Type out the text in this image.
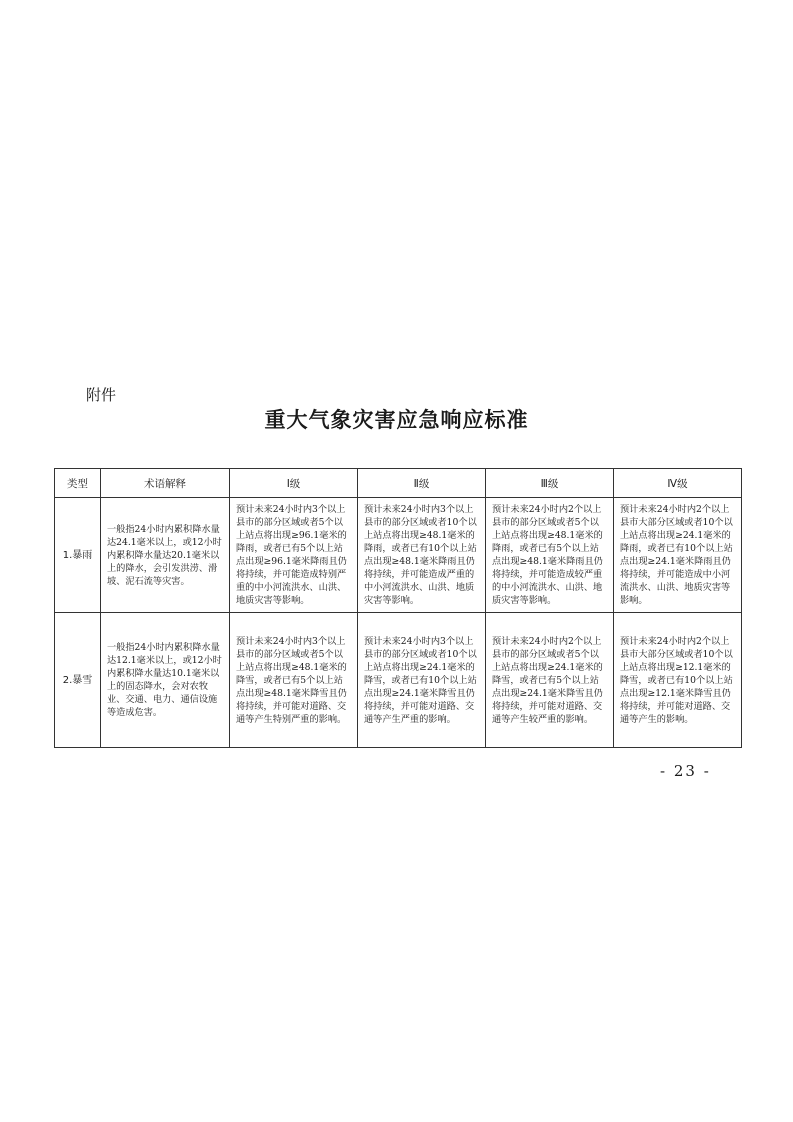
附件
重大气象灾害应急响应标准
类型	术语解释	Ⅰ级	Ⅱ级	Ⅲ级	Ⅳ级
1.暴雨	一般指24小时内累积降水量达24.1毫米以上，或12小时内累积降水量达20.1毫米以上的降水，会引发洪涝、滑坡、泥石流等灾害。	预计未来24小时内3个以上县市的部分区域或者5个以上站点将出现≥96.1毫米的降雨，或者已有5个以上站点出现≥96.1毫米降雨且仍将持续，并可能造成特别严重的中小河流洪水、山洪、地质灾害等影响。	预计未来24小时内3个以上县市的部分区域或者10个以上站点将出现≥48.1毫米的降雨，或者已有10个以上站点出现≥48.1毫米降雨且仍将持续，并可能造成严重的中小河流洪水、山洪、地质灾害等影响。	预计未来24小时内2个以上县市的部分区域或者5个以上站点将出现≥48.1毫米的降雨，或者已有5个以上站点出现≥48.1毫米降雨且仍将持续，并可能造成较严重的中小河流洪水、山洪、地质灾害等影响。	预计未来24小时内2个以上县市大部分区域或者10个以上站点将出现≥24.1毫米的降雨，或者已有10个以上站点出现≥24.1毫米降雨且仍将持续，并可能造成中小河流洪水、山洪、地质灾害等影响。
2.暴雪	一般指24小时内累积降水量达12.1毫米以上，或12小时内累积降水量达10.1毫米以上的固态降水，会对农牧业、交通、电力、通信设施等造成危害。	预计未来24小时内3个以上县市的部分区域或者5个以上站点将出现≥48.1毫米的降雪，或者已有5个以上站点出现≥48.1毫米降雪且仍将持续，并可能对道路、交通等产生特别严重的影响。	预计未来24小时内3个以上县市的部分区域或者10个以上站点将出现≥24.1毫米的降雪，或者已有10个以上站点出现≥24.1毫米降雪且仍将持续，并可能对道路、交通等产生严重的影响。	预计未来24小时内2个以上县市的部分区域或者5个以上站点将出现≥24.1毫米的降雪，或者已有5个以上站点出现≥24.1毫米降雪且仍将持续，并可能对道路、交通等产生较严重的影响。	预计未来24小时内2个以上县市大部分区域或者10个以上站点将出现≥12.1毫米的降雪，或者已有10个以上站点出现≥12.1毫米降雪且仍将持续，并可能对道路、交通等产生的影响。
- 23 -
